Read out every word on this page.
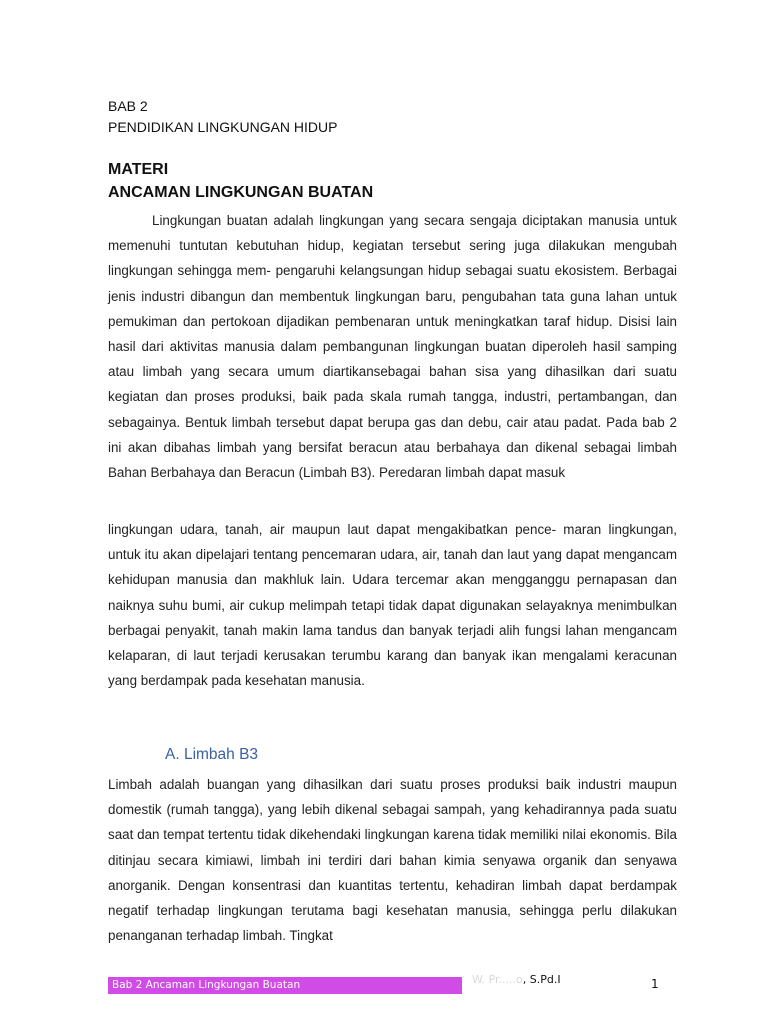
BAB 2
PENDIDIKAN LINGKUNGAN HIDUP
MATERI
ANCAMAN LINGKUNGAN BUATAN

Lingkungan buatan adalah lingkungan yang secara sengaja diciptakan manusia untuk memenuhi tuntutan kebutuhan hidup, kegiatan tersebut sering juga dilakukan mengubah lingkungan sehingga mem- pengaruhi kelangsungan hidup sebagai suatu ekosistem. Berbagai jenis industri dibangun dan membentuk lingkungan baru, pengubahan tata guna lahan untuk pemukiman dan pertokoan dijadikan pembenaran untuk meningkatkan taraf hidup. Disisi lain hasil dari aktivitas manusia dalam pembangunan lingkungan buatan diperoleh hasil samping atau limbah yang secara umum diartikansebagai bahan sisa yang dihasilkan dari suatu kegiatan dan proses produksi, baik pada skala rumah tangga, industri, pertambangan, dan sebagainya. Bentuk limbah tersebut dapat berupa gas dan debu, cair atau padat. Pada bab 2 ini akan dibahas limbah yang bersifat beracun atau berbahaya dan dikenal sebagai limbah Bahan Berbahaya dan Beracun (Limbah B3). Peredaran limbah dapat masuk

lingkungan udara, tanah, air maupun laut dapat mengakibatkan pence- maran lingkungan, untuk itu akan dipelajari tentang pencemaran udara, air, tanah dan laut yang dapat mengancam kehidupan manusia dan makhluk lain. Udara tercemar akan mengganggu pernapasan dan naiknya suhu bumi, air cukup melimpah tetapi tidak dapat digunakan selayaknya menimbulkan berbagai penyakit, tanah makin lama tandus dan banyak terjadi alih fungsi lahan mengancam kelaparan, di laut terjadi kerusakan terumbu karang dan banyak ikan mengalami keracunan yang berdampak pada kesehatan manusia.

A. Limbah B3

Limbah adalah buangan yang dihasilkan dari suatu proses produksi baik industri maupun domestik (rumah tangga), yang lebih dikenal sebagai sampah, yang kehadirannya pada suatu saat dan tempat tertentu tidak dikehendaki lingkungan karena tidak memiliki nilai ekonomis. Bila ditinjau secara kimiawi, limbah ini terdiri dari bahan kimia senyawa organik dan senyawa anorganik. Dengan konsentrasi dan kuantitas tertentu, kehadiran limbah dapat berdampak negatif terhadap lingkungan terutama bagi kesehatan manusia, sehingga perlu dilakukan penanganan terhadap limbah. Tingkat

Bab 2 Ancaman Lingkungan Buatan	W. Pr.....o, S.Pd.I	1
